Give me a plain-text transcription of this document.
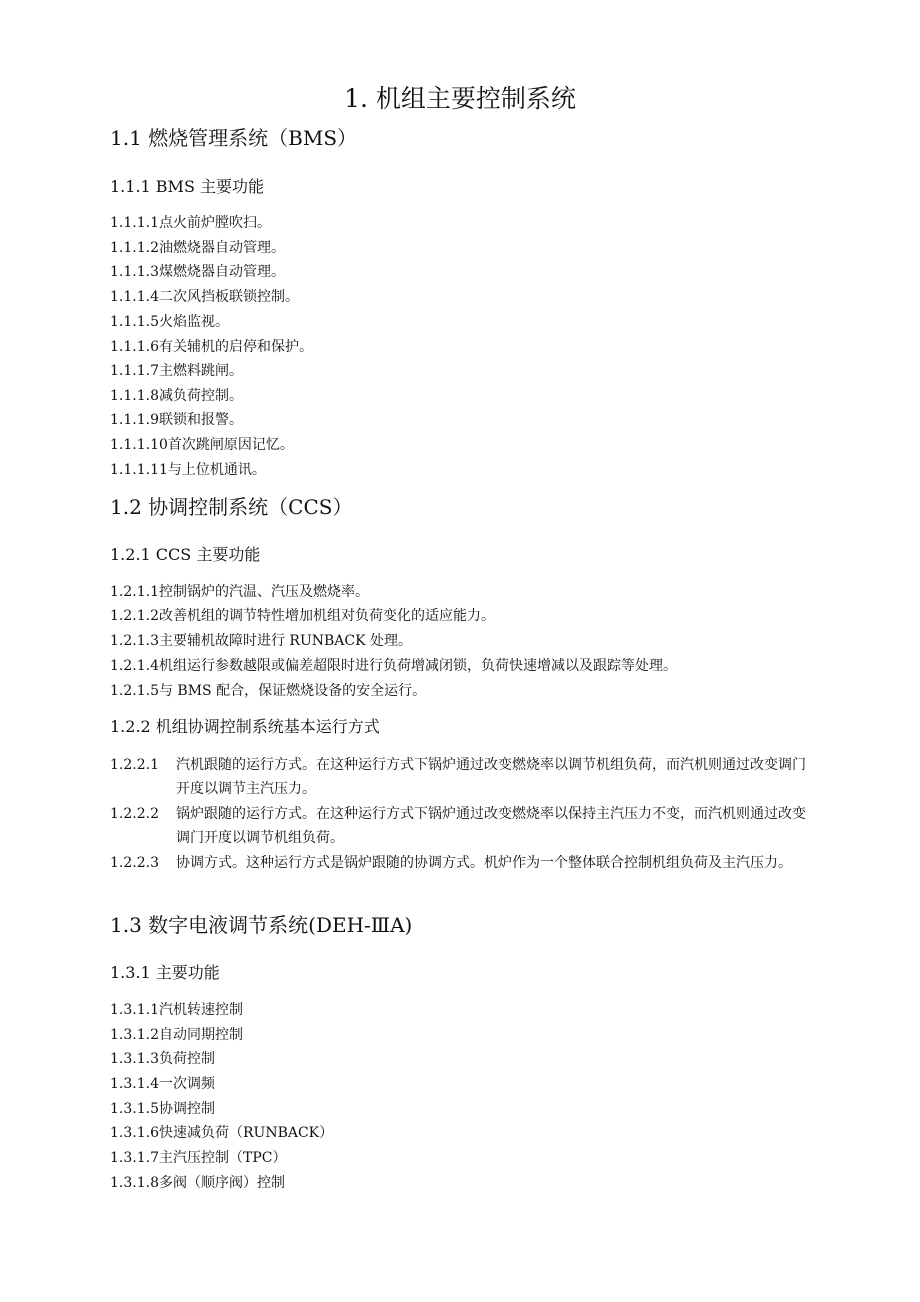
1. 机组主要控制系统
1.1 燃烧管理系统（BMS）
1.1.1 BMS 主要功能
1.1.1.1点火前炉膛吹扫。
1.1.1.2油燃烧器自动管理。
1.1.1.3煤燃烧器自动管理。
1.1.1.4二次风挡板联锁控制。
1.1.1.5火焰监视。
1.1.1.6有关辅机的启停和保护。
1.1.1.7主燃料跳闸。
1.1.1.8减负荷控制。
1.1.1.9联锁和报警。
1.1.1.10首次跳闸原因记忆。
1.1.1.11与上位机通讯。
1.2 协调控制系统（CCS）
1.2.1 CCS 主要功能
1.2.1.1控制锅炉的汽温、汽压及燃烧率。
1.2.1.2改善机组的调节特性增加机组对负荷变化的适应能力。
1.2.1.3主要辅机故障时进行 RUNBACK 处理。
1.2.1.4机组运行参数越限或偏差超限时进行负荷增减闭锁，负荷快速增减以及跟踪等处理。
1.2.1.5与 BMS 配合，保证燃烧设备的安全运行。
1.2.2 机组协调控制系统基本运行方式
1.2.2.1	汽机跟随的运行方式。在这种运行方式下锅炉通过改变燃烧率以调节机组负荷，而汽机则通过改变调门开度以调节主汽压力。
1.2.2.2	锅炉跟随的运行方式。在这种运行方式下锅炉通过改变燃烧率以保持主汽压力不变，而汽机则通过改变调门开度以调节机组负荷。
1.2.2.3	协调方式。这种运行方式是锅炉跟随的协调方式。机炉作为一个整体联合控制机组负荷及主汽压力。
1.3 数字电液调节系统(DEH-ⅢA)
1.3.1 主要功能
1.3.1.1汽机转速控制
1.3.1.2自动同期控制
1.3.1.3负荷控制
1.3.1.4一次调频
1.3.1.5协调控制
1.3.1.6快速减负荷（RUNBACK）
1.3.1.7主汽压控制（TPC）
1.3.1.8多阀（顺序阀）控制
